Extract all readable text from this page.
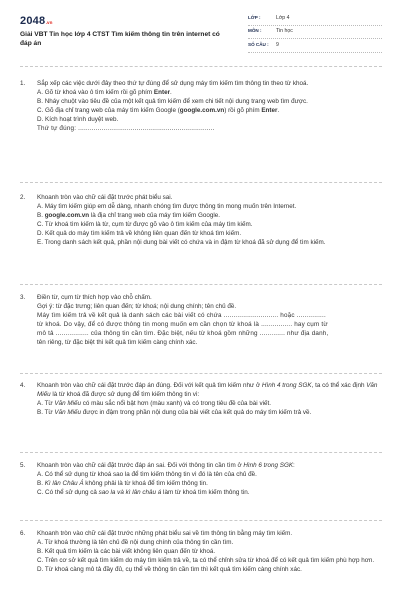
2048 .vn
Giải VBT Tin học lớp 4 CTST Tìm kiếm thông tin trên internet có đáp án
LỚP :	Lớp 4
MÔN :	Tin học
SỐ CÂU :	9
1.	Sắp xếp các việc dưới đây theo thứ tự đúng để sử dụng máy tìm kiếm tìm thông tin theo từ khoá.

A. Gõ từ khoá vào ô tìm kiếm rồi gõ phím Enter.

B. Nháy chuột vào tiêu đề của một kết quả tìm kiếm để xem chi tiết nội dung trang web tìm được.

C. Gõ địa chỉ trang web của máy tìm kiếm Google (google.com.vn) rồi gõ phím Enter.

D. Kích hoạt trình duyệt web.

Thứ tự đúng: ......................................................................

2.	Khoanh tròn vào chữ cái đặt trước phát biểu sai.

A. Máy tìm kiếm giúp em dễ dàng, nhanh chóng tìm được thông tin mong muốn trên Internet.

B. google.com.vn là địa chỉ trang web của máy tìm kiếm Google.

C. Từ khoá tìm kiếm là từ, cụm từ được gõ vào ô tìm kiếm của máy tìm kiếm.

D. Kết quả do máy tìm kiếm trả về không liên quan đến từ khoá tìm kiếm.

E. Trong danh sách kết quả, phần nội dung bài viết có chứa và in đậm từ khoá đã sử dụng để tìm kiếm.

3.	Điền từ, cụm từ thích hợp vào chỗ chấm.

Gợi ý: từ đặc trưng; liên quan đến; từ khoá; nội dung chính; tên chủ đề.

Máy tìm kiếm trả về kết quả là danh sách các bài viết có chứa ............................ hoặc ...............

từ khoá. Do vậy, để có được thông tin mong muốn em cần chọn từ khoá là ................ hay cụm từ

mô tả ................. của thông tin cần tìm. Đặc biệt, nếu từ khoá gồm những ............. như địa danh,

tên riêng, từ đặc biệt thì kết quả tìm kiếm càng chính xác.

4.	Khoanh tròn vào chữ cái đặt trước đáp án đúng. Đối với kết quả tìm kiếm như ở Hình 4 trong SGK, ta có thể xác định Văn Miếu là từ khoá đã được sử dụng để tìm kiếm thông tin vì:

A. Từ Văn Miếu có màu sắc nổi bật hơn (màu xanh) và có trong tiêu đề của bài viết.

B. Từ Văn Miếu được in đậm trong phần nội dung của bài viết của kết quả do máy tìm kiếm trả về.

5.	Khoanh tròn vào chữ cái đặt trước đáp án sai. Đối với thông tin cần tìm ở Hình 6 trong SGK:

A. Có thể sử dụng từ khoá sao la để tìm kiếm thông tin vì đó là tên của chủ đề.

B. Kì lân Châu Á không phải là từ khoá để tìm kiếm thông tin.

C. Có thể sử dụng cả sao la và kì lân châu á làm từ khoá tìm kiếm thông tin.

6.	Khoanh tròn vào chữ cái đặt trước những phát biểu sai về tìm thông tin bằng máy tìm kiếm.

A. Từ khoá thường là tên chủ đề nội dung chính của thông tin cần tìm.

B. Kết quả tìm kiếm là các bài viết không liên quan đến từ khoá.

C. Trên cơ sở kết quả tìm kiếm do máy tìm kiếm trả về, ta có thể chỉnh sửa từ khoá để có kết quả tìm kiếm phù hợp hơn.

D. Từ khoá càng mô tả đầy đủ, cụ thể về thông tin cần tìm thì kết quả tìm kiếm càng chính xác.
